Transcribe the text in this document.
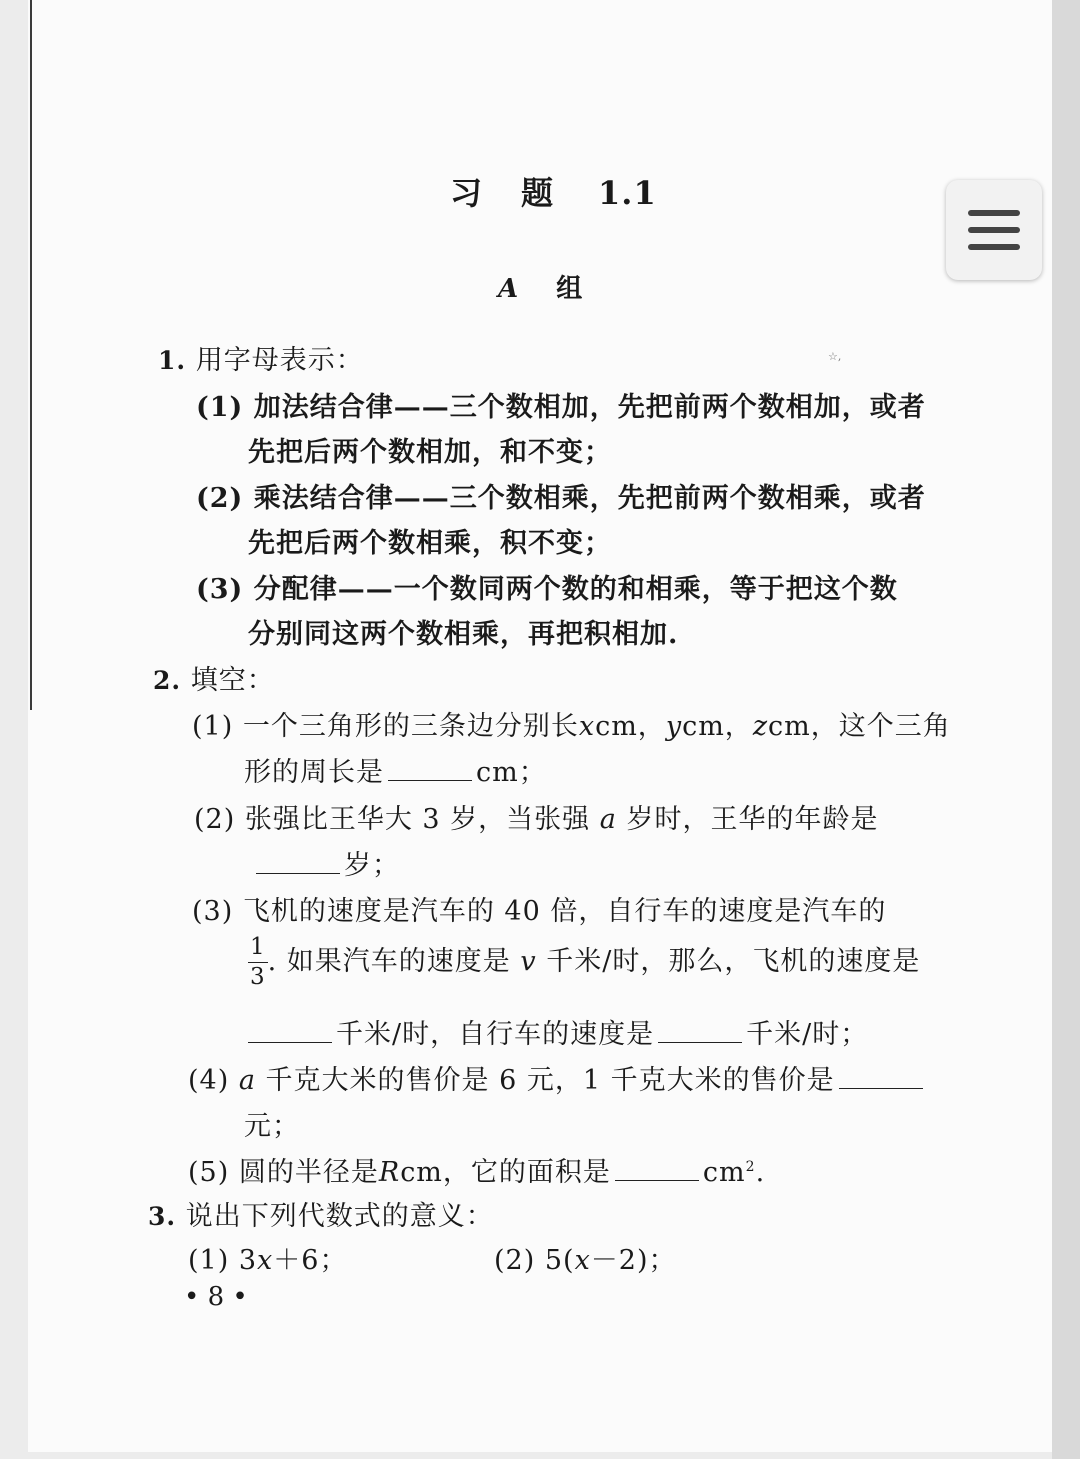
习 题 1.1
A 组
☆,
1. 用字母表示：
(1) 加法结合律——三个数相加，先把前两个数相加，或者
先把后两个数相加，和不变；
(2) 乘法结合律——三个数相乘，先把前两个数相乘，或者
先把后两个数相乘，积不变；
(3) 分配律——一个数同两个数的和相乘，等于把这个数
分别同这两个数相乘，再把积相加.
2. 填空：
(1) 一个三角形的三条边分别长xcm，ycm，zcm，这个三角
形的周长是	cm；
(2) 张强比王华大 3 岁，当张强 a 岁时，王华的年龄是
岁；
(3) 飞机的速度是汽车的 40 倍，自行车的速度是汽车的
$\frac{1}{3}$ . 如果汽车的速度是 v 千米/时，那么，飞机的速度是
千米/时，自行车的速度是	千米/时；
(4) a 千克大米的售价是 6 元，1 千克大米的售价是
元；
(5) 圆的半径是Rcm，它的面积是	$cm^2$.
3. 说出下列代数式的意义：
(1) 3x＋6；	(2) 5(x－2)；
• 8 •
